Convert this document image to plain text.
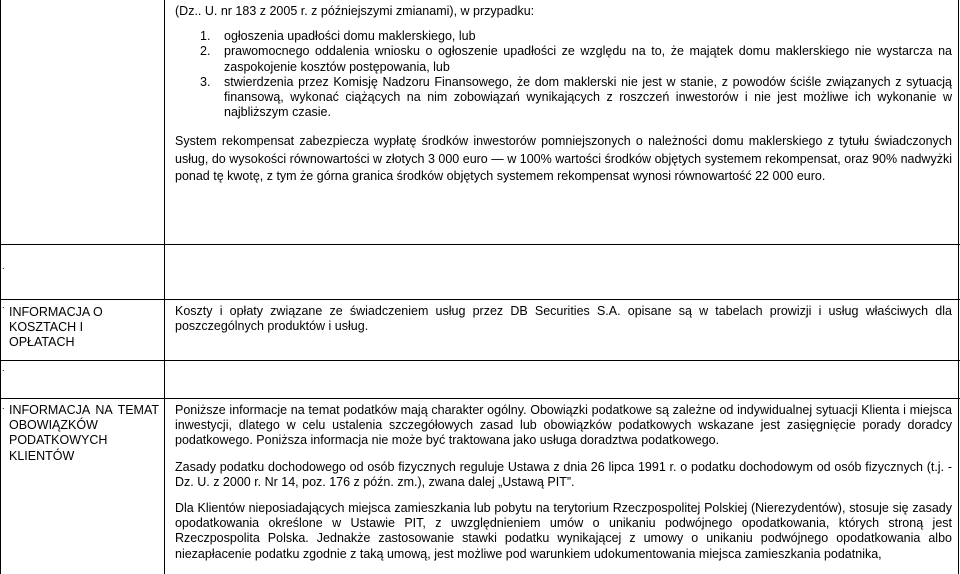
.
.
.
.

(Dz.. U. nr 183 z 2005 r. z późniejszymi zmianami), w przypadku:

1. ogłoszenia upadłości domu maklerskiego, lub
2. prawomocnego oddalenia wniosku o ogłoszenie upadłości ze względu na to, że majątek domu maklerskiego nie wystarcza na zaspokojenie kosztów postępowania, lub
3. stwierdzenia przez Komisję Nadzoru Finansowego, że dom maklerski nie jest w stanie, z powodów ściśle związanych z sytuacją finansową, wykonać ciążących na nim zobowiązań wynikających z roszczeń inwestorów i nie jest możliwe ich wykonanie w najbliższym czasie.

System rekompensat zabezpiecza wypłatę środków inwestorów pomniejszonych o należności domu maklerskiego z tytułu świadczonych usług, do wysokości równowartości w złotych 3 000 euro — w 100% wartości środków objętych systemem rekompensat, oraz 90% nadwyżki ponad tę kwotę, z tym że górna granica środków objętych systemem rekompensat wynosi równowartość 22 000 euro.

INFORMACJA O KOSZTACH I OPŁATACH
Koszty i opłaty związane ze świadczeniem usług przez DB Securities S.A. opisane są w tabelach prowizji i usług właściwych dla poszczególnych produktów i usług.
INFORMACJA NA TEMAT OBOWIĄZKÓW PODATKOWYCH KLIENTÓW

Poniższe informacje na temat podatków mają charakter ogólny. Obowiązki podatkowe są zależne od indywidualnej sytuacji Klienta i miejsca inwestycji, dlatego w celu ustalenia szczegółowych zasad lub obowiązków podatkowych wskazane jest zasięgnięcie porady doradcy podatkowego. Poniższa informacja nie może być traktowana jako usługa doradztwa podatkowego.

Zasady podatku dochodowego od osób fizycznych reguluje Ustawa z dnia 26 lipca 1991 r. o podatku dochodowym od osób fizycznych (t.j. - Dz. U. z 2000 r. Nr 14, poz. 176 z późn. zm.), zwana dalej „Ustawą PIT”.

Dla Klientów nieposiadających miejsca zamieszkania lub pobytu na terytorium Rzeczpospolitej Polskiej (Nierezydentów), stosuje się zasady opodatkowania określone w Ustawie PIT, z uwzględnieniem umów o unikaniu podwójnego opodatkowania, których stroną jest Rzeczpospolita Polska. Jednakże zastosowanie stawki podatku wynikającej z umowy o unikaniu podwójnego opodatkowania albo niezapłacenie podatku zgodnie z taką umową, jest możliwe pod warunkiem udokumentowania miejsca zamieszkania podatnika,
